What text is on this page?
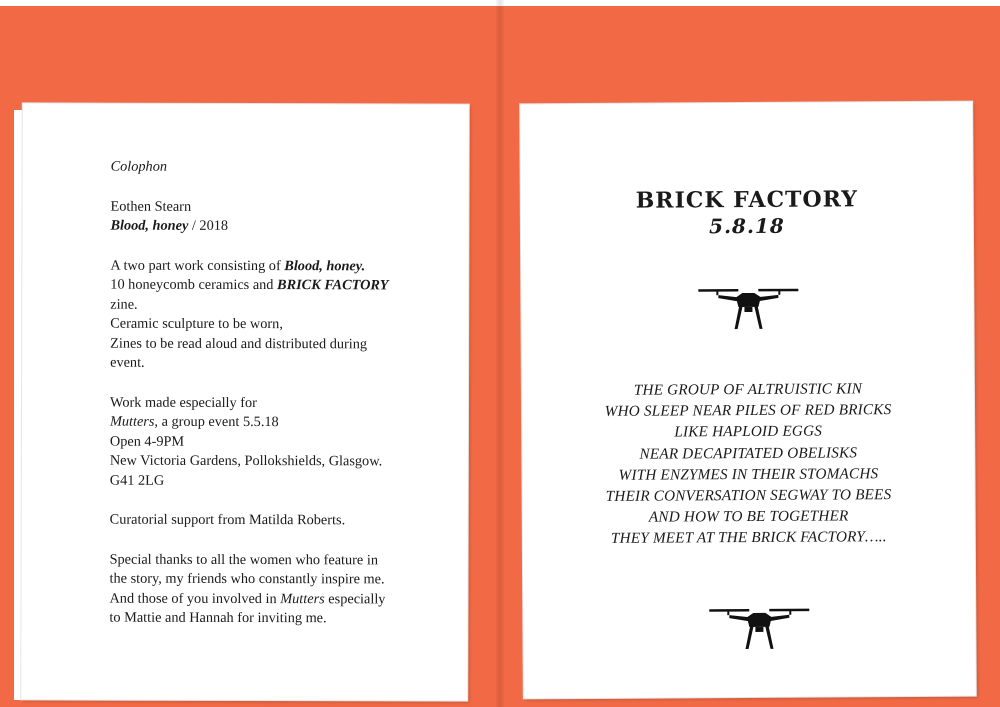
Colophon

Eothen Stearn
Blood, honey / 2018

A two part work consisting of Blood, honey.
10 honeycomb ceramics and BRICK FACTORY
zine.
Ceramic sculpture to be worn,
Zines to be read aloud and distributed during
event.

Work made especially for
Mutters, a group event 5.5.18
Open 4-9PM
New Victoria Gardens, Pollokshields, Glasgow.
G41 2LG

Curatorial support from Matilda Roberts.

Special thanks to all the women who feature in
the story, my friends who constantly inspire me.
And those of you involved in Mutters especially
to Mattie and Hannah for inviting me.

BRICK FACTORY
5.8.18
THE GROUP OF ALTRUISTIC KIN
WHO SLEEP NEAR PILES OF RED BRICKS
LIKE HAPLOID EGGS
NEAR DECAPITATED OBELISKS
WITH ENZYMES IN THEIR STOMACHS
THEIR CONVERSATION SEGWAY TO BEES
AND HOW TO BE TOGETHER
THEY MEET AT THE BRICK FACTORY…..
